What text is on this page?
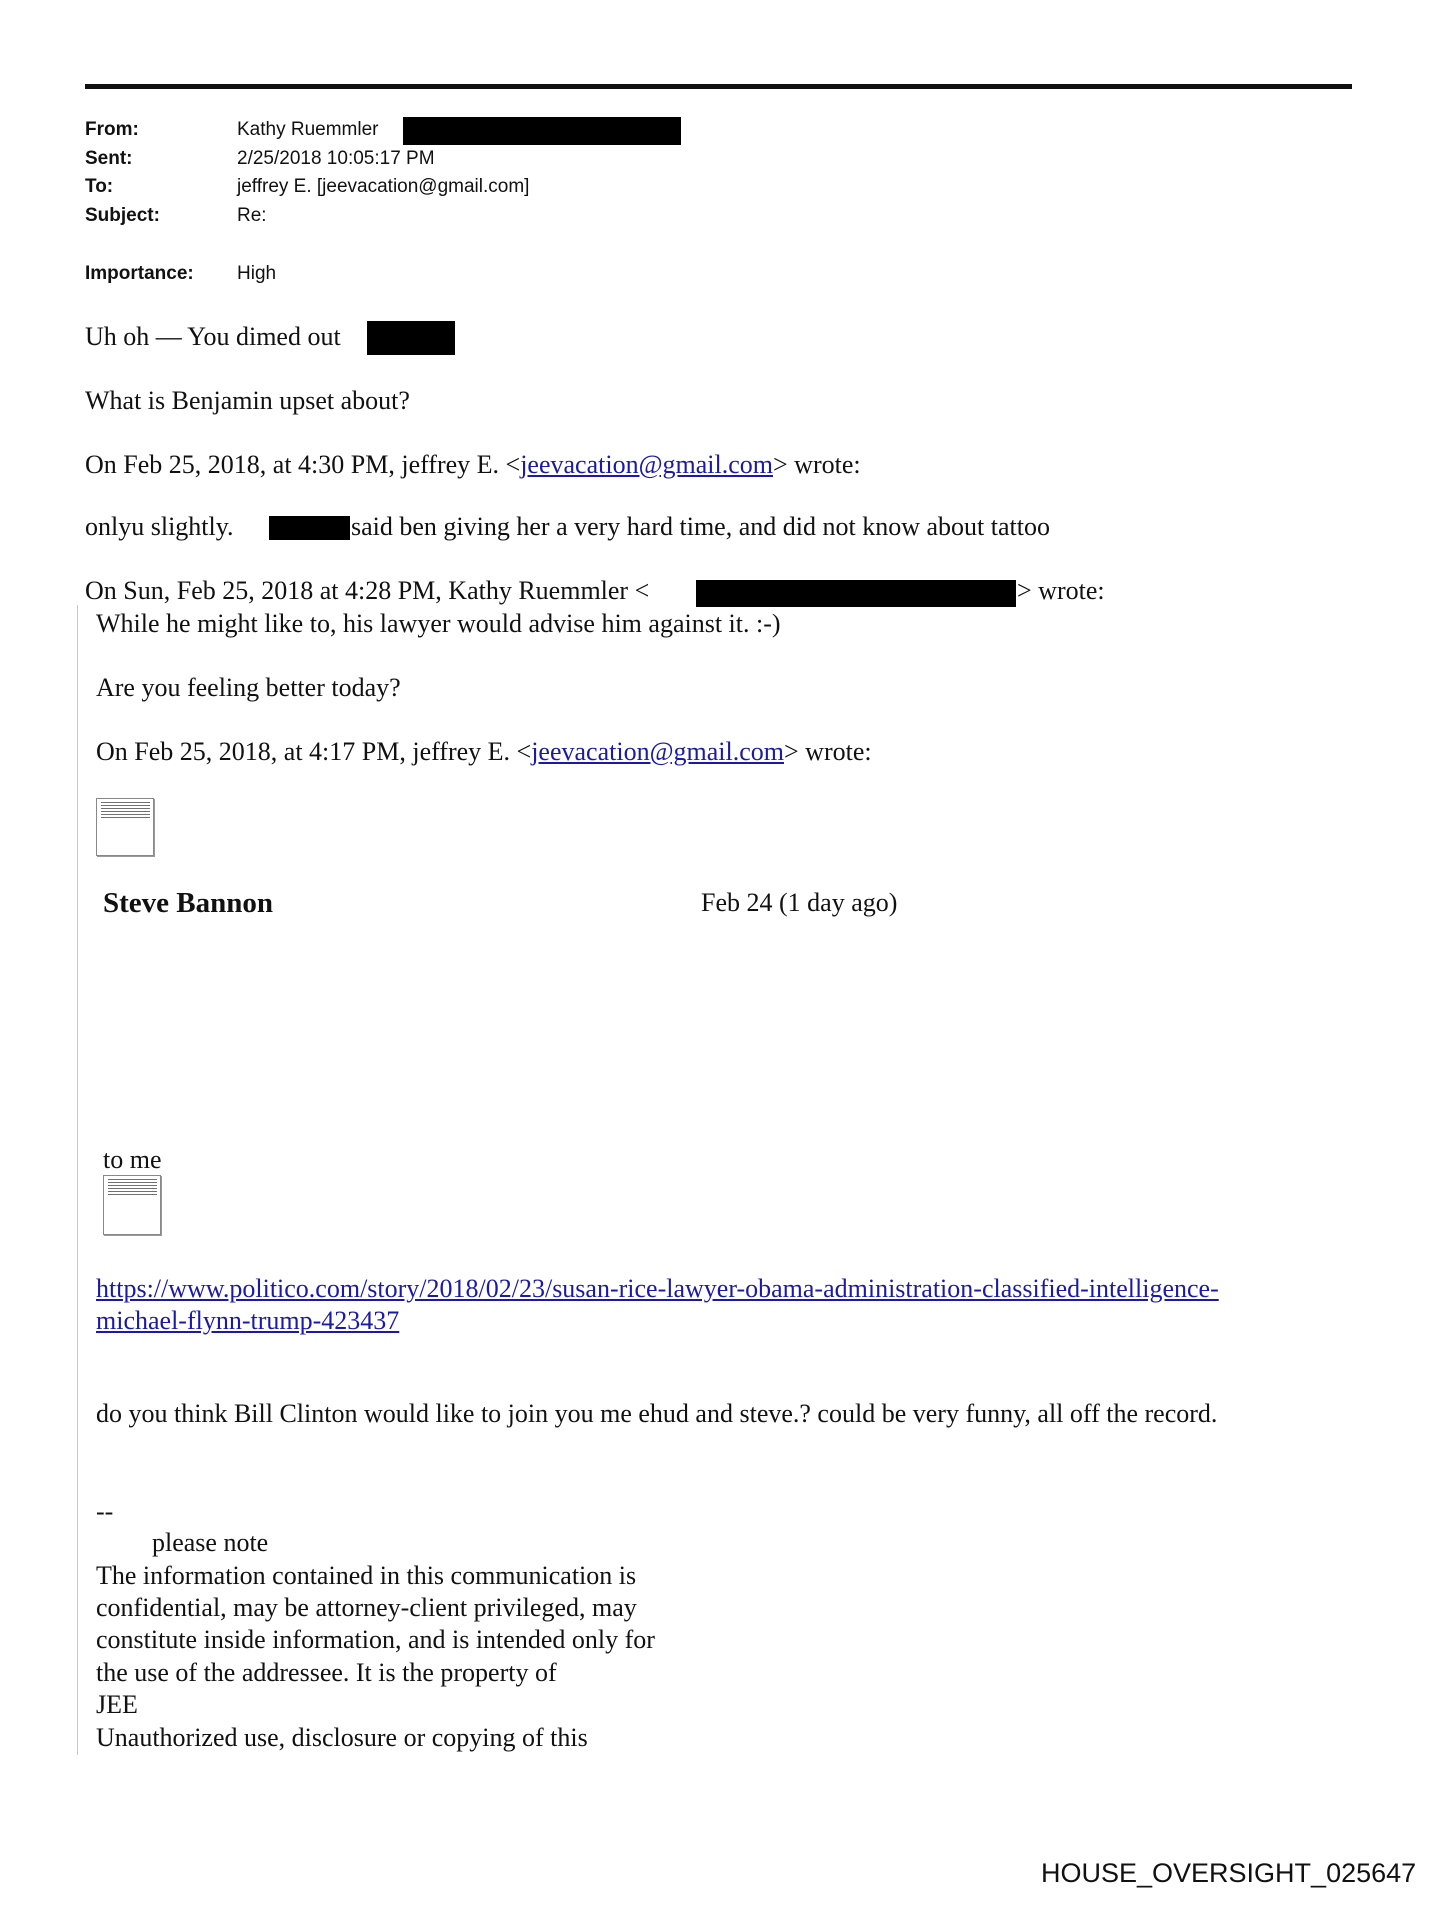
From:	Kathy Ruemmler
Sent:	2/25/2018 10:05:17 PM
To:	jeffrey E. [jeevacation@gmail.com]
Subject:	Re:
Importance: High
Uh oh — You dimed out
What is Benjamin upset about?
On Feb 25, 2018, at 4:30 PM, jeffrey E. <jeevacation@gmail.com> wrote:
onlyu slightly.	said ben giving her a very hard time, and did not know about tattoo
On Sun, Feb 25, 2018 at 4:28 PM, Kathy Ruemmler <	> wrote:
While he might like to, his lawyer would advise him against it. :-)
Are you feeling better today?
On Feb 25, 2018, at 4:17 PM, jeffrey E. <jeevacation@gmail.com> wrote:
Steve Bannon	Feb 24 (1 day ago)
to me
https://www.politico.com/story/2018/02/23/susan-rice-lawyer-obama-administration-classified-intelligence-
michael-flynn-trump-423437
do you think Bill Clinton would like to join you me ehud and steve.? could be very funny, all off the record.
--
please note
The information contained in this communication is
confidential, may be attorney-client privileged, may
constitute inside information, and is intended only for
the use of the addressee. It is the property of
JEE
Unauthorized use, disclosure or copying of this
HOUSE_OVERSIGHT_025647
